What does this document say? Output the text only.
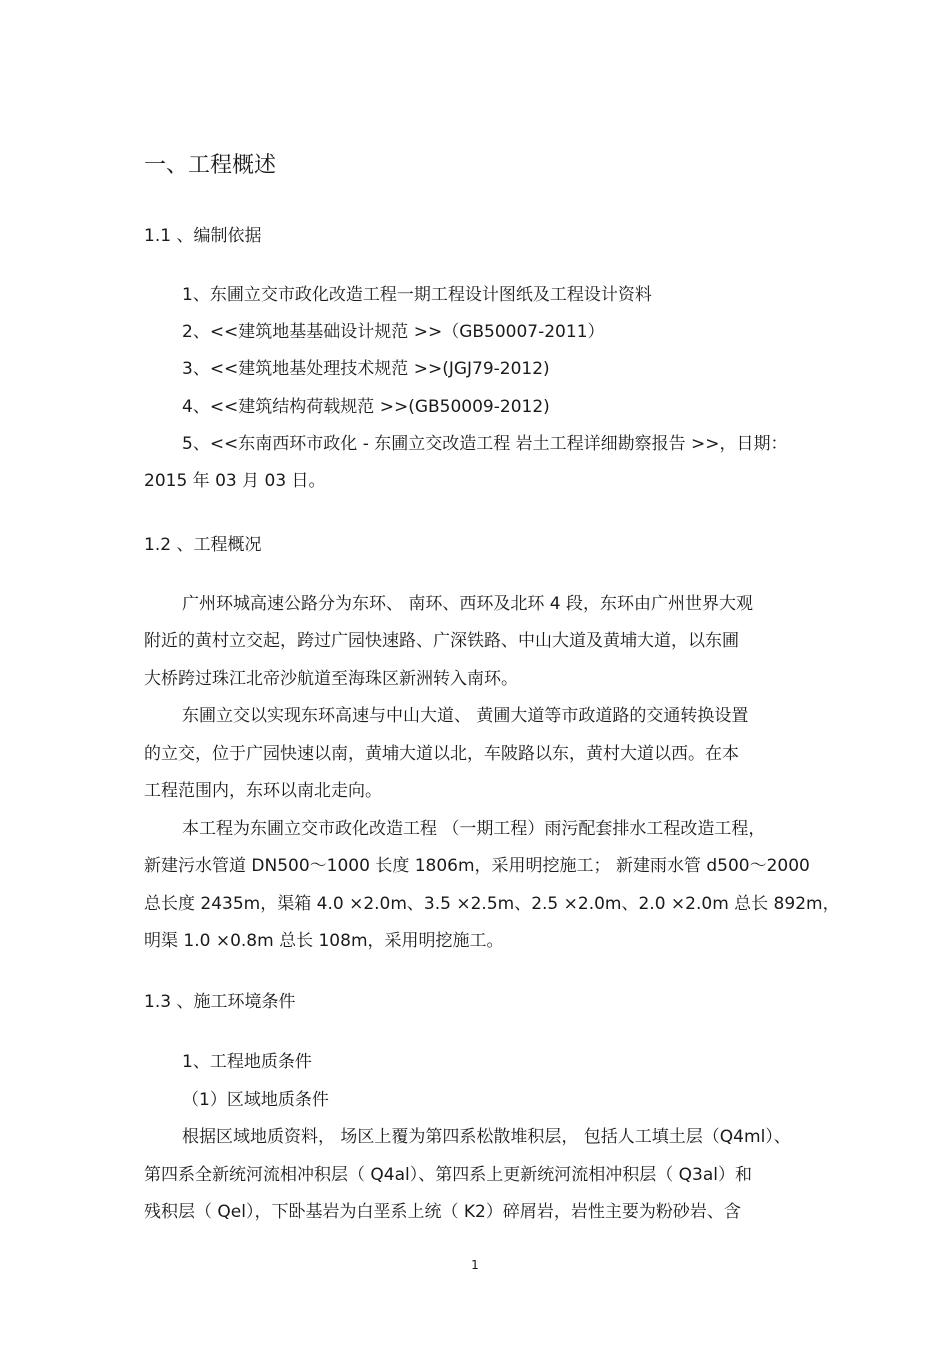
一、工程概述
1.1 、编制依据
1、东圃立交市政化改造工程一期工程设计图纸及工程设计资料
2、<<建筑地基基础设计规范 >>（GB50007-2011）
3、<<建筑地基处理技术规范 >>(JGJ79-2012)
4、<<建筑结构荷载规范 >>(GB50009-2012)
5、<<东南西环市政化 - 东圃立交改造工程 岩土工程详细勘察报告 >>，日期：
2015 年 03 月 03 日。
1.2 、工程概况
广州环城高速公路分为东环、 南环、西环及北环 4 段，东环由广州世界大观
附近的黄村立交起，跨过广园快速路、广深铁路、中山大道及黄埔大道，以东圃
大桥跨过珠江北帝沙航道至海珠区新洲转入南环。
东圃立交以实现东环高速与中山大道、 黄圃大道等市政道路的交通转换设置
的立交，位于广园快速以南，黄埔大道以北，车陂路以东，黄村大道以西。在本
工程范围内，东环以南北走向。
本工程为东圃立交市政化改造工程 （一期工程）雨污配套排水工程改造工程，
新建污水管道 DN500～1000 长度 1806m，采用明挖施工； 新建雨水管 d500～2000
总长度 2435m，渠箱 4.0 ×2.0m、3.5 ×2.5m、2.5 ×2.0m、2.0 ×2.0m 总长 892m，
明渠 1.0 ×0.8m 总长 108m，采用明挖施工。
1.3 、施工环境条件
1、工程地质条件
（1）区域地质条件
根据区域地质资料， 场区上覆为第四系松散堆积层， 包括人工填土层（Q4ml）、
第四系全新统河流相冲积层（ Q4al）、第四系上更新统河流相冲积层（ Q3al）和
残积层（ Qel），下卧基岩为白垩系上统（ K2）碎屑岩，岩性主要为粉砂岩、含
1
